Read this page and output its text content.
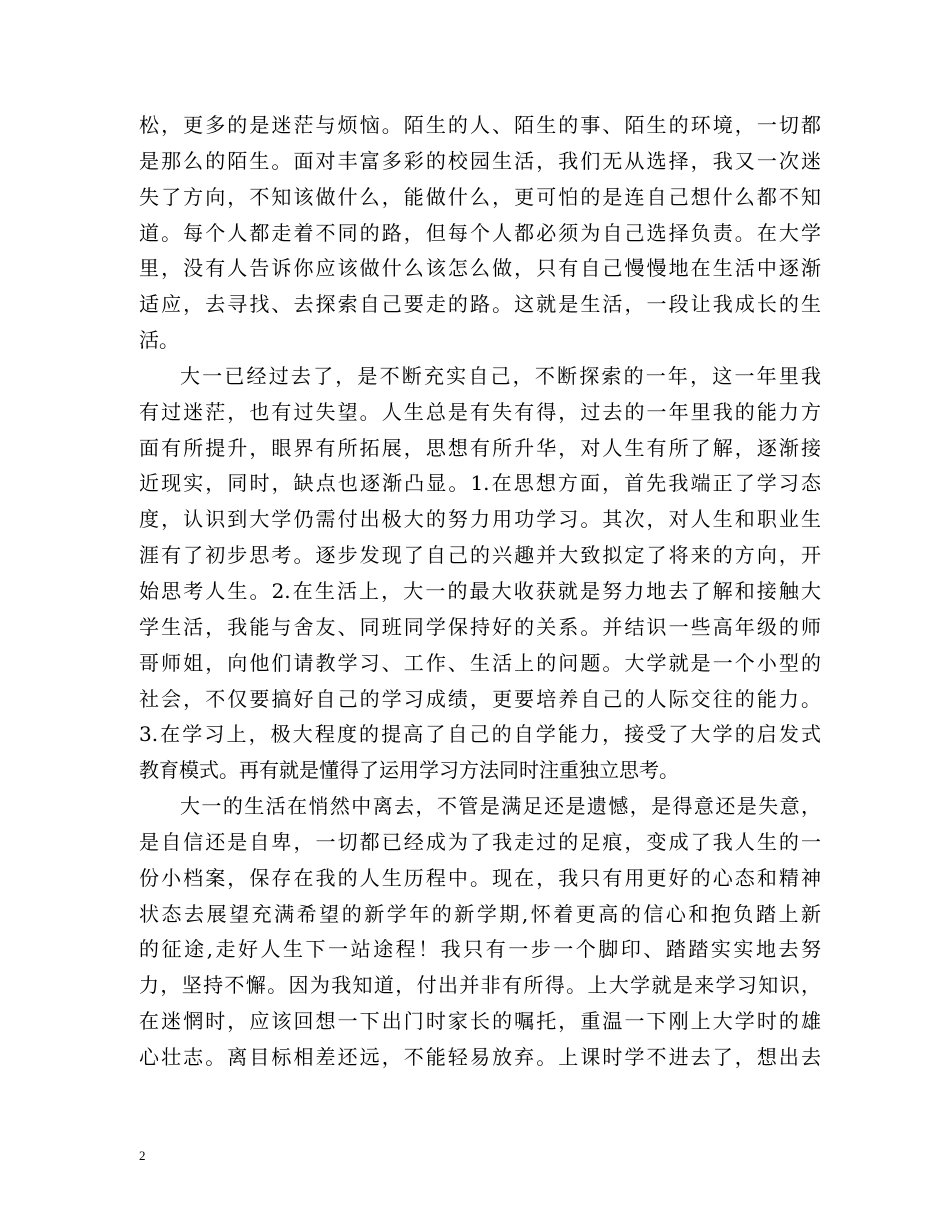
松，更多的是迷茫与烦恼。陌生的人、陌生的事、陌生的环境，一切都
是那么的陌生。面对丰富多彩的校园生活，我们无从选择，我又一次迷
失了方向，不知该做什么，能做什么，更可怕的是连自己想什么都不知
道。每个人都走着不同的路，但每个人都必须为自己选择负责。在大学
里，没有人告诉你应该做什么该怎么做，只有自己慢慢地在生活中逐渐
适应，去寻找、去探索自己要走的路。这就是生活，一段让我成长的生
活。
大一已经过去了，是不断充实自己，不断探索的一年，这一年里我
有过迷茫，也有过失望。人生总是有失有得，过去的一年里我的能力方
面有所提升，眼界有所拓展，思想有所升华，对人生有所了解，逐渐接
近现实，同时，缺点也逐渐凸显。1.在思想方面，首先我端正了学习态
度，认识到大学仍需付出极大的努力用功学习。其次，对人生和职业生
涯有了初步思考。逐步发现了自己的兴趣并大致拟定了将来的方向，开
始思考人生。2.在生活上，大一的最大收获就是努力地去了解和接触大
学生活，我能与舍友、同班同学保持好的关系。并结识一些高年级的师
哥师姐，向他们请教学习、工作、生活上的问题。大学就是一个小型的
社会，不仅要搞好自己的学习成绩，更要培养自己的人际交往的能力。
3.在学习上，极大程度的提高了自己的自学能力，接受了大学的启发式
教育模式。再有就是懂得了运用学习方法同时注重独立思考。
大一的生活在悄然中离去，不管是满足还是遗憾，是得意还是失意，
是自信还是自卑，一切都已经成为了我走过的足痕，变成了我人生的一
份小档案，保存在我的人生历程中。现在，我只有用更好的心态和精神
状态去展望充满希望的新学年的新学期,怀着更高的信心和抱负踏上新
的征途,走好人生下一站途程！我只有一步一个脚印、踏踏实实地去努
力，坚持不懈。因为我知道，付出并非有所得。上大学就是来学习知识，
在迷惘时，应该回想一下出门时家长的嘱托，重温一下刚上大学时的雄
心壮志。离目标相差还远，不能轻易放弃。上课时学不进去了，想出去
2
